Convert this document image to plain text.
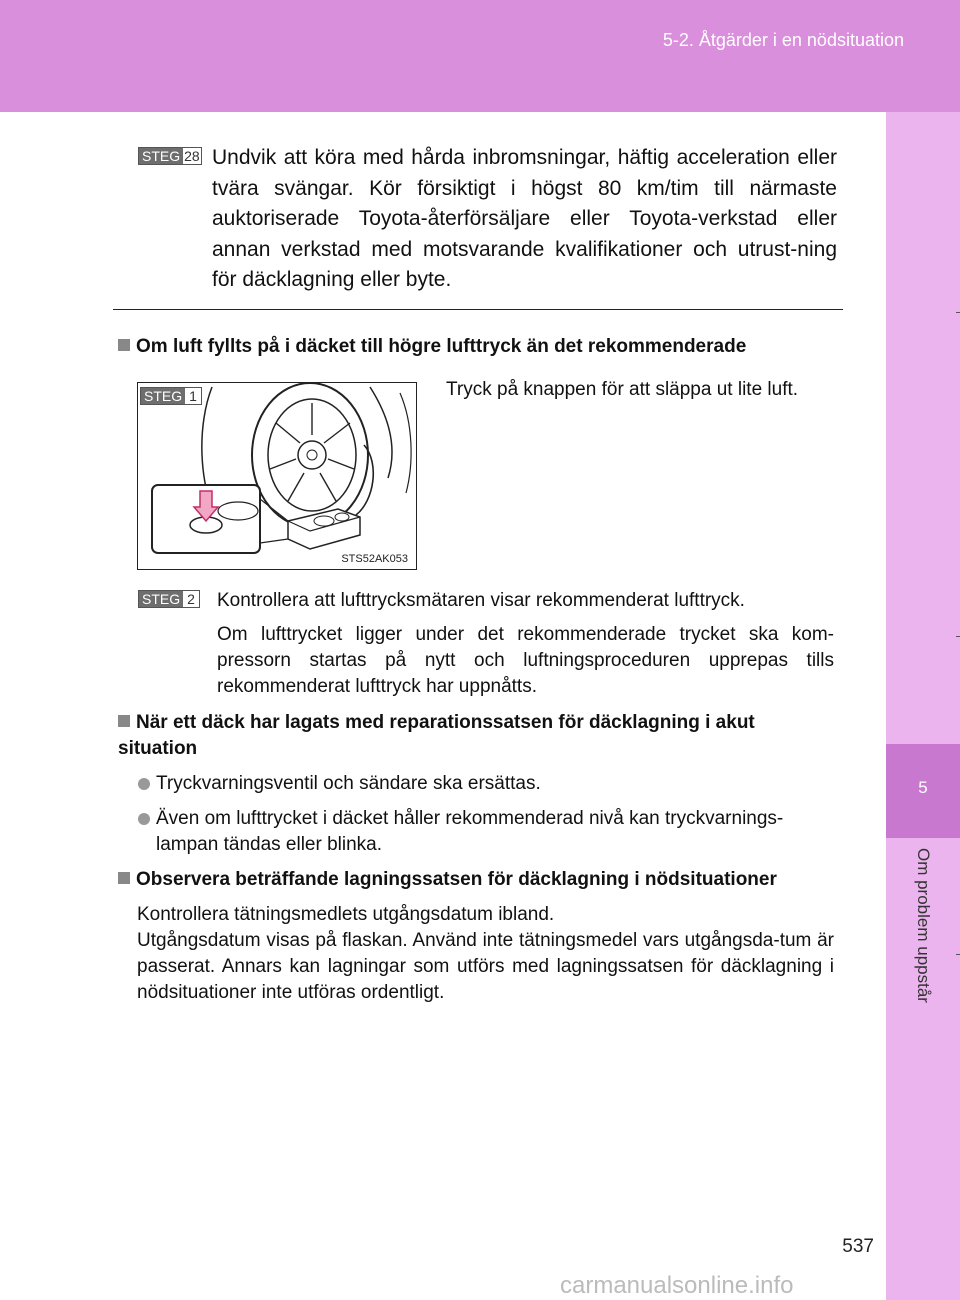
5-2. Åtgärder i en nödsituation
5
Om problem uppstår
STEG 28 Undvik att köra med hårda inbromsningar, häftig acceleration eller tvära svängar. Kör försiktigt i högst 80 km/tim till närmaste auktoriserade Toyota-återförsäljare eller Toyota-verkstad eller annan verkstad med motsvarande kvalifikationer och utrust-ning för däcklagning eller byte.
Om luft fyllts på i däcket till högre lufttryck än det rekommenderade
STEG 1
STS52AK053
Tryck på knappen för att släppa ut lite luft.
STEG 2 Kontrollera att lufttrycksmätaren visar rekommenderat lufttryck.
Om lufttrycket ligger under det rekommenderade trycket ska kom-pressorn startas på nytt och luftningsproceduren upprepas tills rekommenderat lufttryck har uppnåtts.
När ett däck har lagats med reparationssatsen för däcklagning i akut situation
Tryckvarningsventil och sändare ska ersättas.
Även om lufttrycket i däcket håller rekommenderad nivå kan tryckvarnings-lampan tändas eller blinka.
Observera beträffande lagningssatsen för däcklagning i nödsituationer
Kontrollera tätningsmedlets utgångsdatum ibland.
Utgångsdatum visas på flaskan. Använd inte tätningsmedel vars utgångsda-tum är passerat. Annars kan lagningar som utförs med lagningssatsen för däcklagning i nödsituationer inte utföras ordentligt.
537
carmanualsonline.info
